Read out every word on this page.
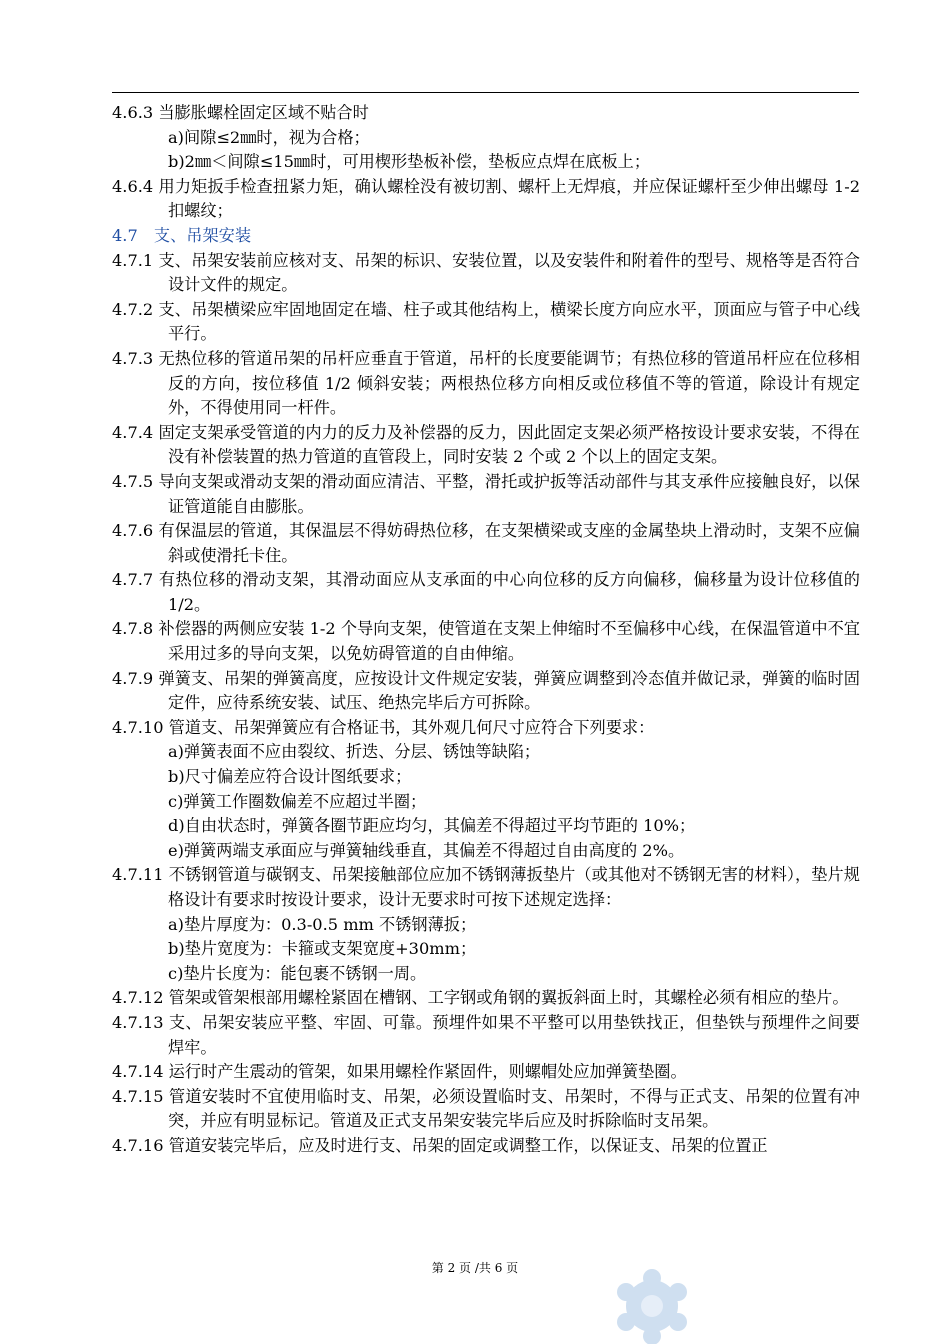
4.6.3 当膨胀螺栓固定区域不贴合时

a)间隙≤2㎜时，视为合格；

b)2㎜＜间隙≤15㎜时，可用楔形垫板补偿，垫板应点焊在底板上；

4.6.4 用力矩扳手检查扭紧力矩，确认螺栓没有被切割、螺杆上无焊痕，并应保证螺杆至少伸出螺母 1-2 扣螺纹；

4.7　支、吊架安装

4.7.1 支、吊架安装前应核对支、吊架的标识、安装位置，以及安装件和附着件的型号、规格等是否符合设计文件的规定。

4.7.2 支、吊架横梁应牢固地固定在墙、柱子或其他结构上，横梁长度方向应水平，顶面应与管子中心线平行。

4.7.3 无热位移的管道吊架的吊杆应垂直于管道，吊杆的长度要能调节；有热位移的管道吊杆应在位移相反的方向，按位移值 1/2 倾斜安装；两根热位移方向相反或位移值不等的管道，除设计有规定外，不得使用同一杆件。

4.7.4 固定支架承受管道的内力的反力及补偿器的反力，因此固定支架必须严格按设计要求安装，不得在没有补偿装置的热力管道的直管段上，同时安装 2 个或 2 个以上的固定支架。

4.7.5 导向支架或滑动支架的滑动面应清洁、平整，滑托或护扳等活动部件与其支承件应接触良好，以保证管道能自由膨胀。

4.7.6 有保温层的管道，其保温层不得妨碍热位移，在支架横梁或支座的金属垫块上滑动时，支架不应偏斜或使滑托卡住。

4.7.7 有热位移的滑动支架，其滑动面应从支承面的中心向位移的反方向偏移，偏移量为设计位移值的 1/2。

4.7.8 补偿器的两侧应安装 1-2 个导向支架，使管道在支架上伸缩时不至偏移中心线，在保温管道中不宜采用过多的导向支架，以免妨碍管道的自由伸缩。

4.7.9 弹簧支、吊架的弹簧高度，应按设计文件规定安装，弹簧应调整到冷态值并做记录，弹簧的临时固定件，应待系统安装、试压、绝热完毕后方可拆除。

4.7.10 管道支、吊架弹簧应有合格证书，其外观几何尺寸应符合下列要求：

a)弹簧表面不应由裂纹、折迭、分层、锈蚀等缺陷；

b)尺寸偏差应符合设计图纸要求；

c)弹簧工作圈数偏差不应超过半圈；

d)自由状态时，弹簧各圈节距应均匀，其偏差不得超过平均节距的 10%；

e)弹簧两端支承面应与弹簧轴线垂直，其偏差不得超过自由高度的 2%。

4.7.11 不锈钢管道与碳钢支、吊架接触部位应加不锈钢薄扳垫片（或其他对不锈钢无害的材料），垫片规格设计有要求时按设计要求，设计无要求时可按下述规定选择：

a)垫片厚度为：0.3-0.5 mm 不锈钢薄扳；

b)垫片宽度为：卡箍或支架宽度+30mm；

c)垫片长度为：能包裹不锈钢一周。

4.7.12 管架或管架根部用螺栓紧固在槽钢、工字钢或角钢的翼扳斜面上时，其螺栓必须有相应的垫片。

4.7.13 支、吊架安装应平整、牢固、可靠。预埋件如果不平整可以用垫铁找正，但垫铁与预埋件之间要焊牢。

4.7.14 运行时产生震动的管架，如果用螺栓作紧固件，则螺帽处应加弹簧垫圈。

4.7.15 管道安装时不宜使用临时支、吊架，必须设置临时支、吊架时，不得与正式支、吊架的位置有冲突，并应有明显标记。管道及正式支吊架安装完毕后应及时拆除临时支吊架。

4.7.16 管道安装完毕后，应及时进行支、吊架的固定或调整工作，以保证支、吊架的位置正

第 2 页 /共 6 页
